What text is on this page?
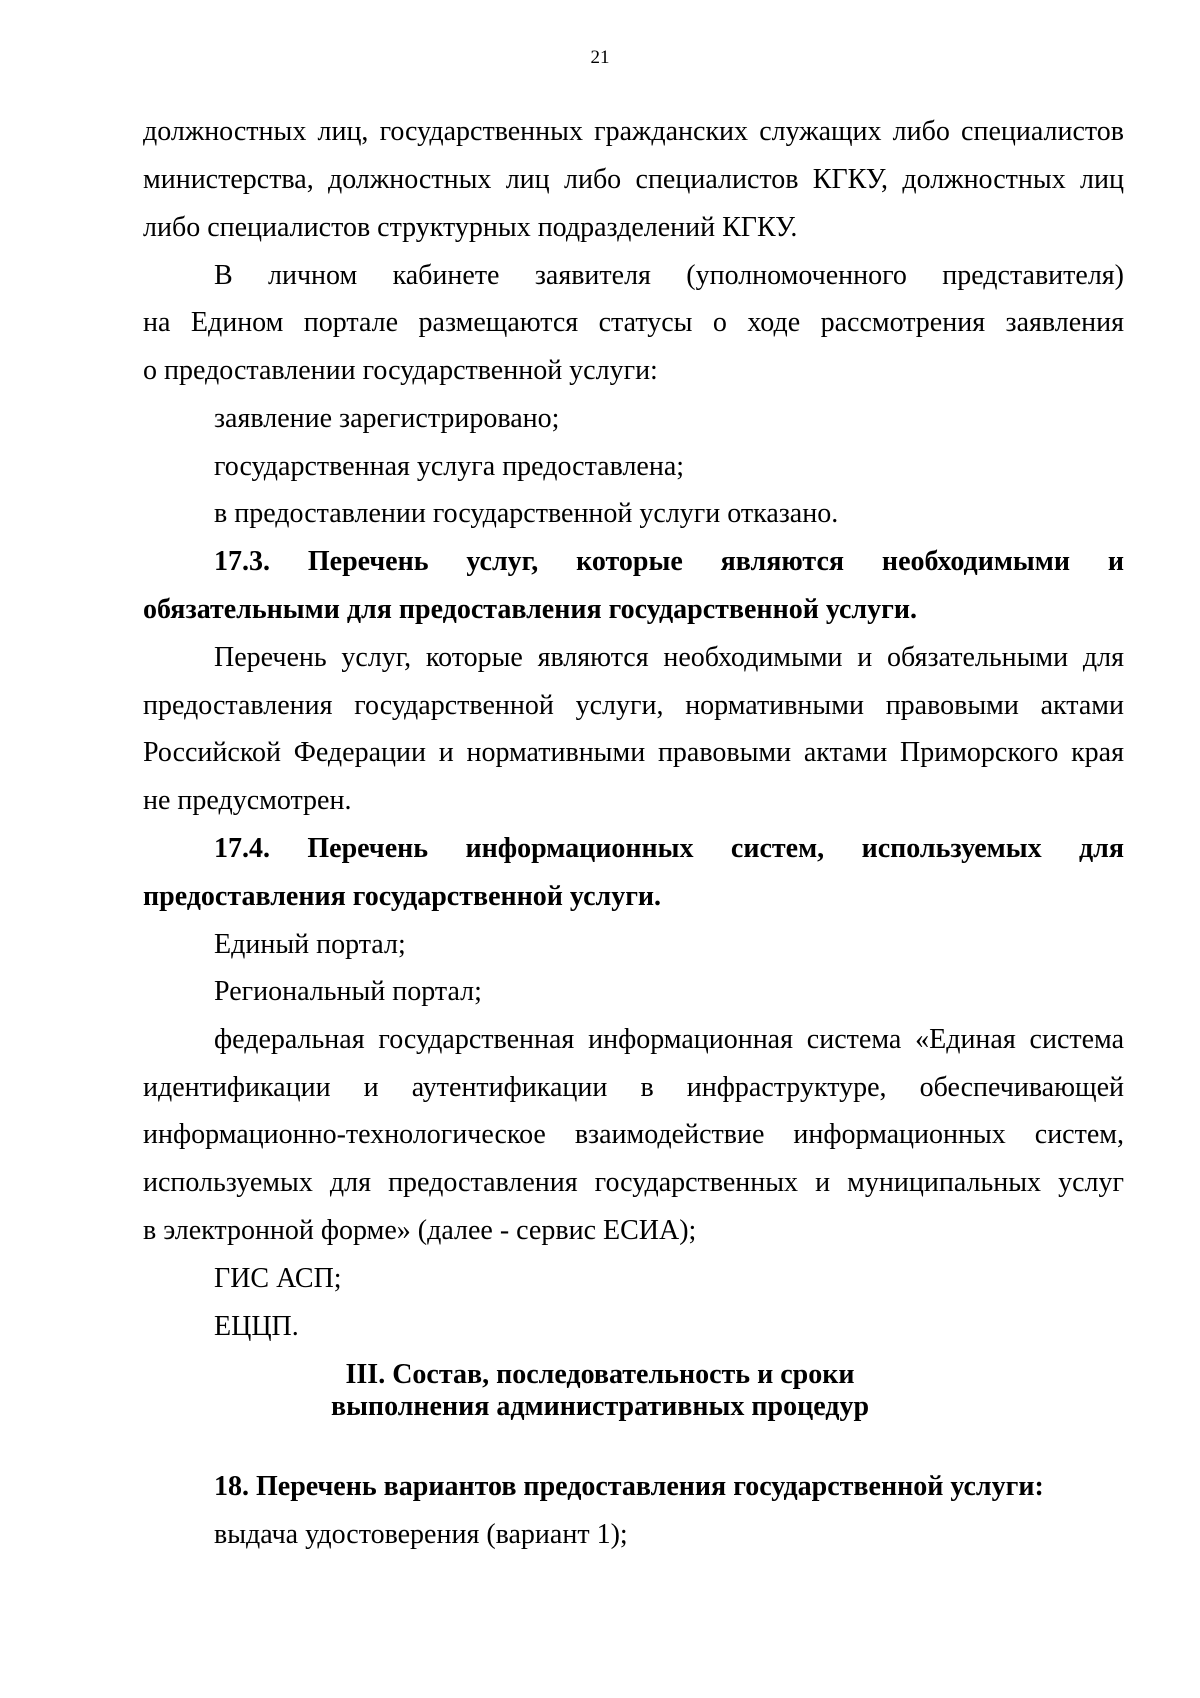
21
должностных лиц, государственных гражданских служащих либо специалистов
министерства, должностных лиц либо специалистов КГКУ, должностных лиц
либо специалистов структурных подразделений КГКУ.
В личном кабинете заявителя (уполномоченного представителя)
на Едином портале размещаются статусы о ходе рассмотрения заявления
о предоставлении государственной услуги:
заявление зарегистрировано;
государственная услуга предоставлена;
в предоставлении государственной услуги отказано.
17.3. Перечень услуг, которые являются необходимыми и
обязательными для предоставления государственной услуги.
Перечень услуг, которые являются необходимыми и обязательными для
предоставления государственной услуги, нормативными правовыми актами
Российской Федерации и нормативными правовыми актами Приморского края
не предусмотрен.
17.4. Перечень информационных систем, используемых для
предоставления государственной услуги.
Единый портал;
Региональный портал;
федеральная государственная информационная система «Единая система
идентификации и аутентификации в инфраструктуре, обеспечивающей
информационно-технологическое взаимодействие информационных систем,
используемых для предоставления государственных и муниципальных услуг
в электронной форме» (далее - сервис ЕСИА);
ГИС АСП;
ЕЦЦП.
III. Состав, последовательность и сроки
выполнения административных процедур
18. Перечень вариантов предоставления государственной услуги:
выдача удостоверения (вариант 1);
